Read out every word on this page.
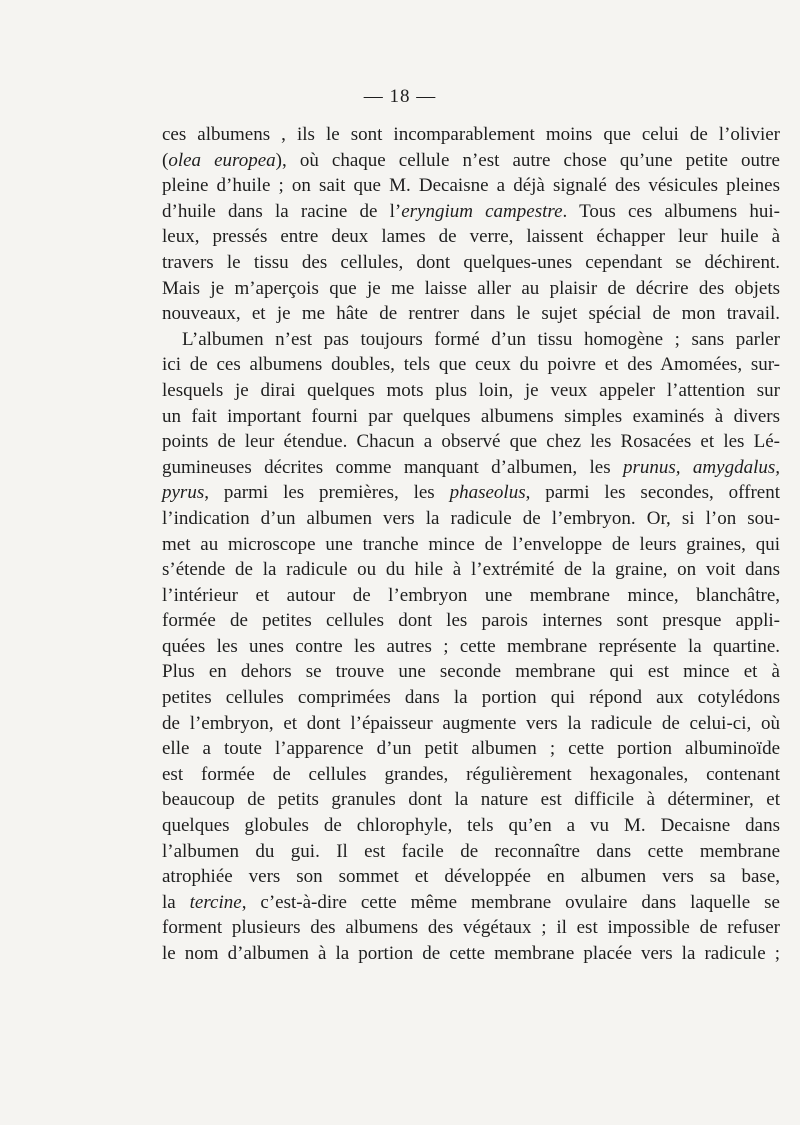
— 18 —
ces albumens , ils le sont incomparablement moins que celui de l’olivier
(olea europea), où chaque cellule n’est autre chose qu’une petite outre
pleine d’huile ; on sait que M. Decaisne a déjà signalé des vésicules pleines
d’huile dans la racine de l’eryngium campestre. Tous ces albumens hui-
leux, pressés entre deux lames de verre, laissent échapper leur huile à
travers le tissu des cellules, dont quelques-unes cependant se déchirent.
Mais je m’aperçois que je me laisse aller au plaisir de décrire des objets
nouveaux, et je me hâte de rentrer dans le sujet spécial de mon travail.
L’albumen n’est pas toujours formé d’un tissu homogène ; sans parler
ici de ces albumens doubles, tels que ceux du poivre et des Amomées, sur-
lesquels je dirai quelques mots plus loin, je veux appeler l’attention sur
un fait important fourni par quelques albumens simples examinés à divers
points de leur étendue. Chacun a observé que chez les Rosacées et les Lé-
gumineuses décrites comme manquant d’albumen, les prunus, amygdalus,
pyrus, parmi les premières, les phaseolus, parmi les secondes, offrent
l’indication d’un albumen vers la radicule de l’embryon. Or, si l’on sou-
met au microscope une tranche mince de l’enveloppe de leurs graines, qui
s’étende de la radicule ou du hile à l’extrémité de la graine, on voit dans
l’intérieur et autour de l’embryon une membrane mince, blanchâtre,
formée de petites cellules dont les parois internes sont presque appli-
quées les unes contre les autres ; cette membrane représente la quartine.
Plus en dehors se trouve une seconde membrane qui est mince et à
petites cellules comprimées dans la portion qui répond aux cotylédons
de l’embryon, et dont l’épaisseur augmente vers la radicule de celui-ci, où
elle a toute l’apparence d’un petit albumen ; cette portion albuminoïde
est formée de cellules grandes, régulièrement hexagonales, contenant
beaucoup de petits granules dont la nature est difficile à déterminer, et
quelques globules de chlorophyle, tels qu’en a vu M. Decaisne dans
l’albumen du gui. Il est facile de reconnaître dans cette membrane
atrophiée vers son sommet et développée en albumen vers sa base,
la tercine, c’est-à-dire cette même membrane ovulaire dans laquelle se
forment plusieurs des albumens des végétaux ; il est impossible de refuser
le nom d’albumen à la portion de cette membrane placée vers la radicule ;
